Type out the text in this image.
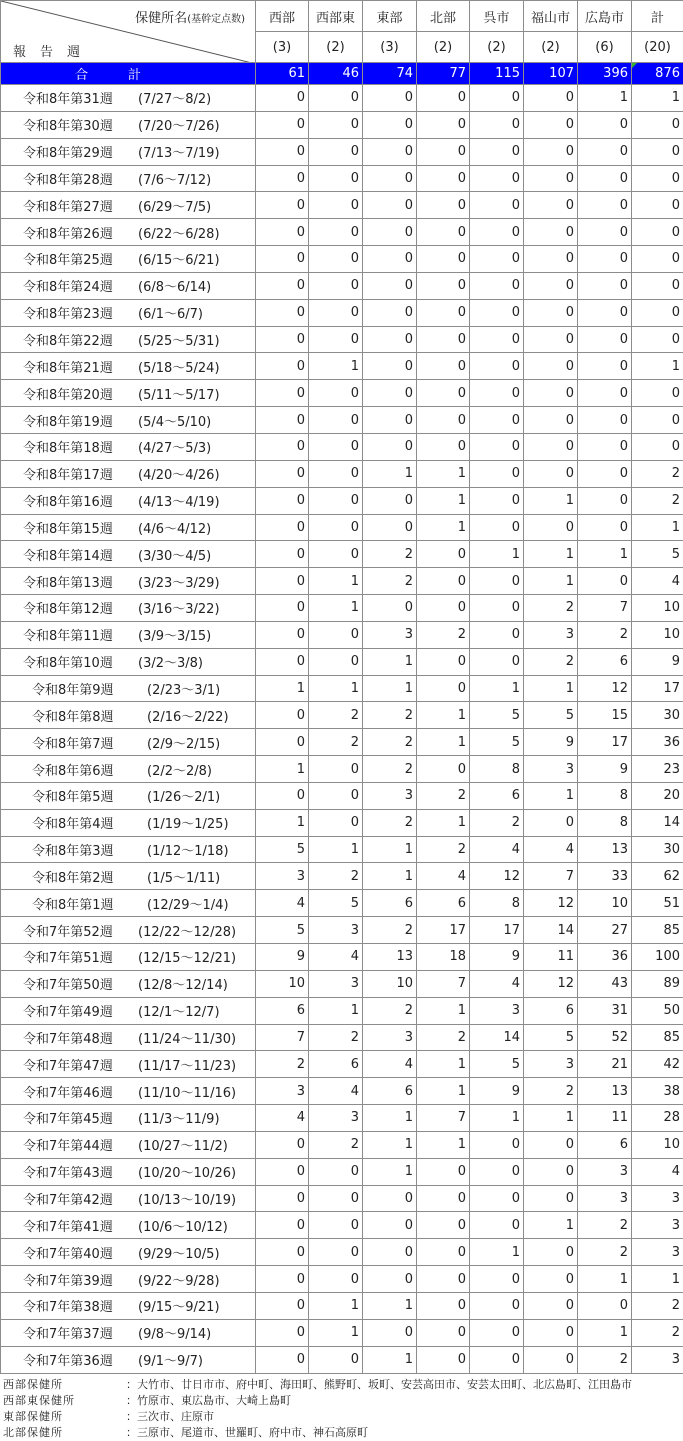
保健所名(基幹定点数)
報告週	西部	西部東	東部	北部	呉市	福山市	広島市	計
	(3)	(2)	(3)	(2)	(2)	(2)	(6)	(20)
合計	61	46	74	77	115	107	396	876
令和8年第31週 (7/27～8/2)	0	0	0	0	0	0	1	1
令和8年第30週 (7/20～7/26)	0	0	0	0	0	0	0	0
令和8年第29週 (7/13～7/19)	0	0	0	0	0	0	0	0
令和8年第28週 (7/6～7/12)	0	0	0	0	0	0	0	0
令和8年第27週 (6/29～7/5)	0	0	0	0	0	0	0	0
令和8年第26週 (6/22～6/28)	0	0	0	0	0	0	0	0
令和8年第25週 (6/15～6/21)	0	0	0	0	0	0	0	0
令和8年第24週 (6/8～6/14)	0	0	0	0	0	0	0	0
令和8年第23週 (6/1～6/7)	0	0	0	0	0	0	0	0
令和8年第22週 (5/25～5/31)	0	0	0	0	0	0	0	0
令和8年第21週 (5/18～5/24)	0	1	0	0	0	0	0	1
令和8年第20週 (5/11～5/17)	0	0	0	0	0	0	0	0
令和8年第19週 (5/4～5/10)	0	0	0	0	0	0	0	0
令和8年第18週 (4/27～5/3)	0	0	0	0	0	0	0	0
令和8年第17週 (4/20～4/26)	0	0	1	1	0	0	0	2
令和8年第16週 (4/13～4/19)	0	0	0	1	0	1	0	2
令和8年第15週 (4/6～4/12)	0	0	0	1	0	0	0	1
令和8年第14週 (3/30～4/5)	0	0	2	0	1	1	1	5
令和8年第13週 (3/23～3/29)	0	1	2	0	0	1	0	4
令和8年第12週 (3/16～3/22)	0	1	0	0	0	2	7	10
令和8年第11週 (3/9～3/15)	0	0	3	2	0	3	2	10
令和8年第10週 (3/2～3/8)	0	0	1	0	0	2	6	9
令和8年第9週 (2/23～3/1)	1	1	1	0	1	1	12	17
令和8年第8週 (2/16～2/22)	0	2	2	1	5	5	15	30
令和8年第7週 (2/9～2/15)	0	2	2	1	5	9	17	36
令和8年第6週 (2/2～2/8)	1	0	2	0	8	3	9	23
令和8年第5週 (1/26～2/1)	0	0	3	2	6	1	8	20
令和8年第4週 (1/19～1/25)	1	0	2	1	2	0	8	14
令和8年第3週 (1/12～1/18)	5	1	1	2	4	4	13	30
令和8年第2週 (1/5～1/11)	3	2	1	4	12	7	33	62
令和8年第1週 (12/29～1/4)	4	5	6	6	8	12	10	51
令和7年第52週 (12/22～12/28)	5	3	2	17	17	14	27	85
令和7年第51週 (12/15～12/21)	9	4	13	18	9	11	36	100
令和7年第50週 (12/8～12/14)	10	3	10	7	4	12	43	89
令和7年第49週 (12/1～12/7)	6	1	2	1	3	6	31	50
令和7年第48週 (11/24～11/30)	7	2	3	2	14	5	52	85
令和7年第47週 (11/17～11/23)	2	6	4	1	5	3	21	42
令和7年第46週 (11/10～11/16)	3	4	6	1	9	2	13	38
令和7年第45週 (11/3～11/9)	4	3	1	7	1	1	11	28
令和7年第44週 (10/27～11/2)	0	2	1	1	0	0	6	10
令和7年第43週 (10/20～10/26)	0	0	1	0	0	0	3	4
令和7年第42週 (10/13～10/19)	0	0	0	0	0	0	3	3
令和7年第41週 (10/6～10/12)	0	0	0	0	0	1	2	3
令和7年第40週 (9/29～10/5)	0	0	0	0	1	0	2	3
令和7年第39週 (9/22～9/28)	0	0	0	0	0	0	1	1
令和7年第38週 (9/15～9/21)	0	1	1	0	0	0	0	2
令和7年第37週 (9/8～9/14)	0	1	0	0	0	0	1	2
令和7年第36週 (9/1～9/7)	0	0	1	0	0	0	2	3
西部保健所	：大竹市、廿日市市、府中町、海田町、熊野町、坂町、安芸高田市、安芸太田町、北広島町、江田島市
西部東保健所	：竹原市、東広島市、大崎上島町
東部保健所	：三次市、庄原市
北部保健所	：三原市、尾道市、世羅町、府中市、神石高原町
